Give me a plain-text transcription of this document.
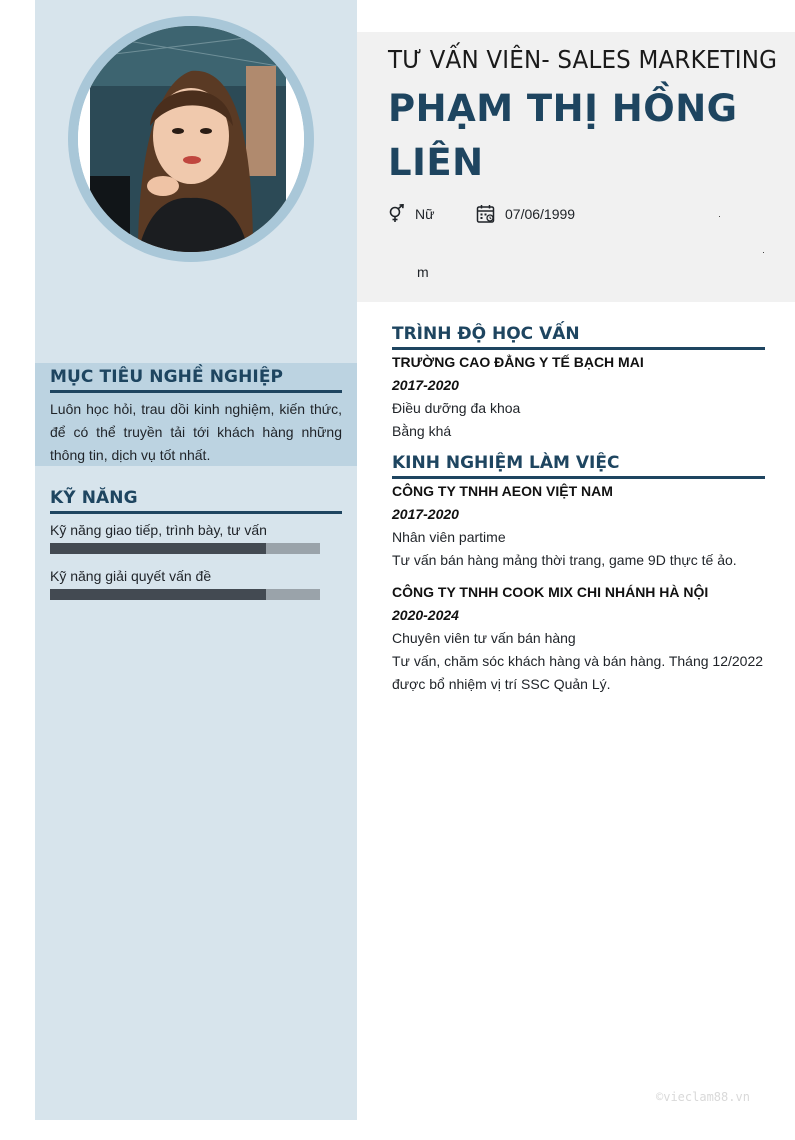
MỤC TIÊU NGHỀ NGHIỆP
Luôn học hỏi, trau dồi kinh nghiệm, kiến thức, để có thể truyền tải tới khách hàng những thông tin, dịch vụ tốt nhất.
KỸ NĂNG
Kỹ năng giao tiếp, trình bày, tư vấn
Kỹ năng giải quyết vấn đề
TƯ VẤN VIÊN- SALES MARKETING
PHẠM THỊ HỒNG LIÊN
Nữ	07/06/1999
m
TRÌNH ĐỘ HỌC VẤN
TRƯỜNG CAO ĐẲNG Y TẾ BẠCH MAI
2017-2020
Điều dưỡng đa khoa
Bằng khá
KINH NGHIỆM LÀM VIỆC
CÔNG TY TNHH AEON VIỆT NAM
2017-2020
Nhân viên partime
Tư vấn bán hàng mảng thời trang, game 9D thực tế ảo.
CÔNG TY TNHH COOK MIX CHI NHÁNH HÀ NỘI
2020-2024
Chuyên viên tư vấn bán hàng
Tư vấn, chăm sóc khách hàng và bán hàng. Tháng 12/2022 được bổ nhiệm vị trí SSC Quản Lý.
©vieclam88.vn
